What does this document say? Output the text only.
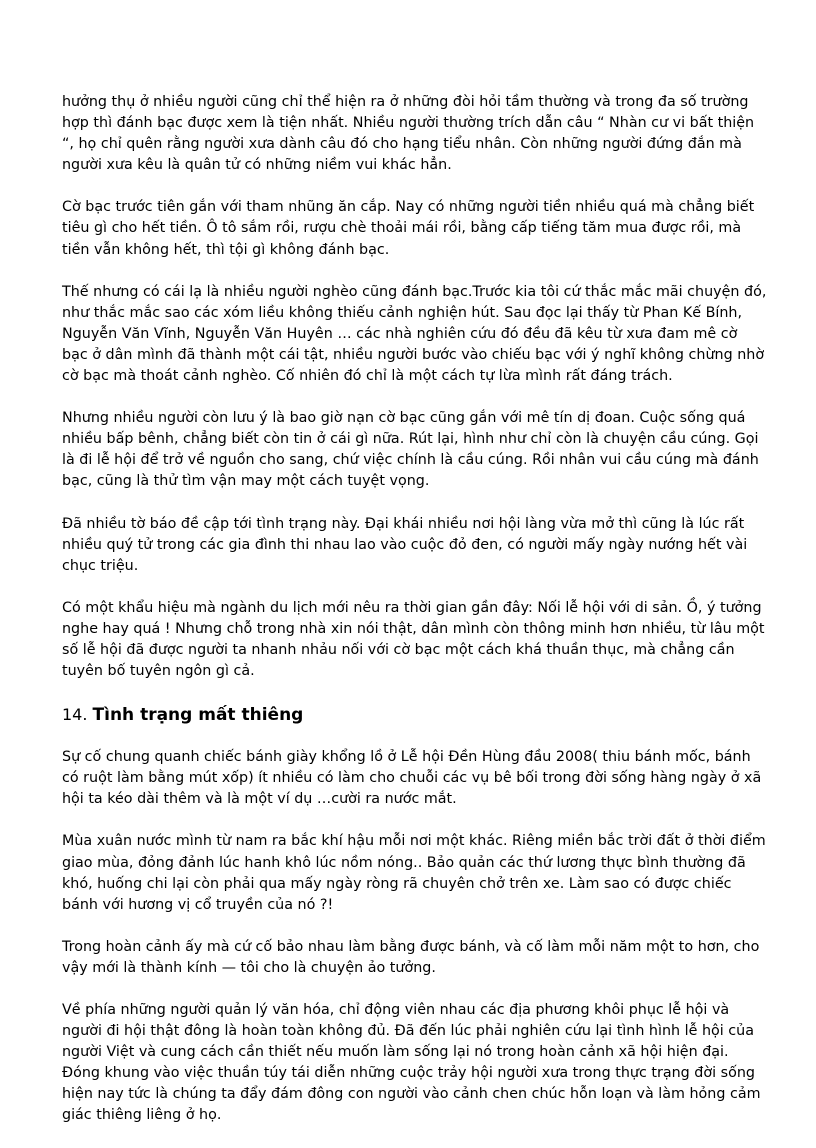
hưởng thụ ở nhiều người cũng chỉ thể hiện ra ở những đòi hỏi tầm thường và trong đa số trường hợp thì đánh bạc được xem là tiện nhất. Nhiều người thường trích dẫn câu “ Nhàn cư vi bất thiện “, họ chỉ quên rằng người xưa dành câu đó cho hạng tiểu nhân. Còn những người đứng đắn mà người xưa kêu là quân tử có những niềm vui khác hẳn.

Cờ bạc trước tiên gắn với tham nhũng ăn cắp. Nay có những người tiền nhiều quá mà chẳng biết tiêu gì cho hết tiền. Ô tô sắm rồi, rượu chè thoải mái rồi, bằng cấp tiếng tăm mua được rồi, mà tiền vẫn không hết, thì tội gì không đánh bạc.

Thế nhưng có cái lạ là nhiều người nghèo cũng đánh bạc.Trước kia tôi cứ thắc mắc mãi chuyện đó, như thắc mắc sao các xóm liều không thiếu cảnh nghiện hút. Sau đọc lại thấy từ Phan Kế Bính, Nguyễn Văn Vĩnh, Nguyễn Văn Huyên … các nhà nghiên cứu đó đều đã kêu từ xưa đam mê cờ bạc ở dân mình đã thành một cái tật, nhiều người bước vào chiếu bạc với ý nghĩ không chừng nhờ cờ bạc mà thoát cảnh nghèo. Cố nhiên đó chỉ là một cách tự lừa mình rất đáng trách.

Nhưng nhiều người còn lưu ý là bao giờ nạn cờ bạc cũng gắn với mê tín dị đoan. Cuộc sống quá nhiều bấp bênh, chẳng biết còn tin ở cái gì nữa. Rút lại, hình như chỉ còn là chuyện cầu cúng. Gọi là đi lễ hội để trở về nguồn cho sang, chứ việc chính là cầu cúng. Rồi nhân vui cầu cúng mà đánh bạc, cũng là thử tìm vận may một cách tuyệt vọng.

Đã nhiều tờ báo đề cập tới tình trạng này. Đại khái nhiều nơi hội làng vừa mở thì cũng là lúc rất nhiều quý tử trong các gia đình thi nhau lao vào cuộc đỏ đen, có người mấy ngày nướng hết vài chục triệu.

Có một khẩu hiệu mà ngành du lịch mới nêu ra thời gian gần đây: Nối lễ hội với di sản. Ồ, ý tưởng nghe hay quá ! Nhưng chỗ trong nhà xin nói thật, dân mình còn thông minh hơn nhiều, từ lâu một số lễ hội đã được người ta nhanh nhảu nối với cờ bạc một cách khá thuần thục, mà chẳng cần tuyên bố tuyên ngôn gì cả.

14. Tình trạng mất thiêng

Sự cố chung quanh chiếc bánh giày khổng lồ ở Lễ hội Đền Hùng đầu 2008( thiu bánh mốc, bánh có ruột làm bằng mút xốp) ít nhiều có làm cho chuỗi các vụ bê bối trong đời sống hàng ngày ở xã hội ta kéo dài thêm và là một ví dụ …cười ra nước mắt.

Mùa xuân nước mình từ nam ra bắc khí hậu mỗi nơi một khác. Riêng miền bắc trời đất ở thời điểm giao mùa, đỏng đảnh lúc hanh khô lúc nồm nóng.. Bảo quản các thứ lương thực bình thường đã khó, huống chi lại còn phải qua mấy ngày ròng rã chuyên chở trên xe. Làm sao có được chiếc bánh với hương vị cổ truyền của nó ?!

Trong hoàn cảnh ấy mà cứ cố bảo nhau làm bằng được bánh, và cố làm mỗi năm một to hơn, cho vậy mới là thành kính — tôi cho là chuyện ảo tưởng.

Về phía những người quản lý văn hóa, chỉ động viên nhau các địa phương khôi phục lễ hội và người đi hội thật đông là hoàn toàn không đủ. Đã đến lúc phải nghiên cứu lại tình hình lễ hội của người Việt và cung cách cần thiết nếu muốn làm sống lại nó trong hoàn cảnh xã hội hiện đại. Đóng khung vào việc thuần túy tái diễn những cuộc trảy hội người xưa trong thực trạng đời sống hiện nay tức là chúng ta đẩy đám đông con người vào cảnh chen chúc hỗn loạn và làm hỏng cảm giác thiêng liêng ở họ.
